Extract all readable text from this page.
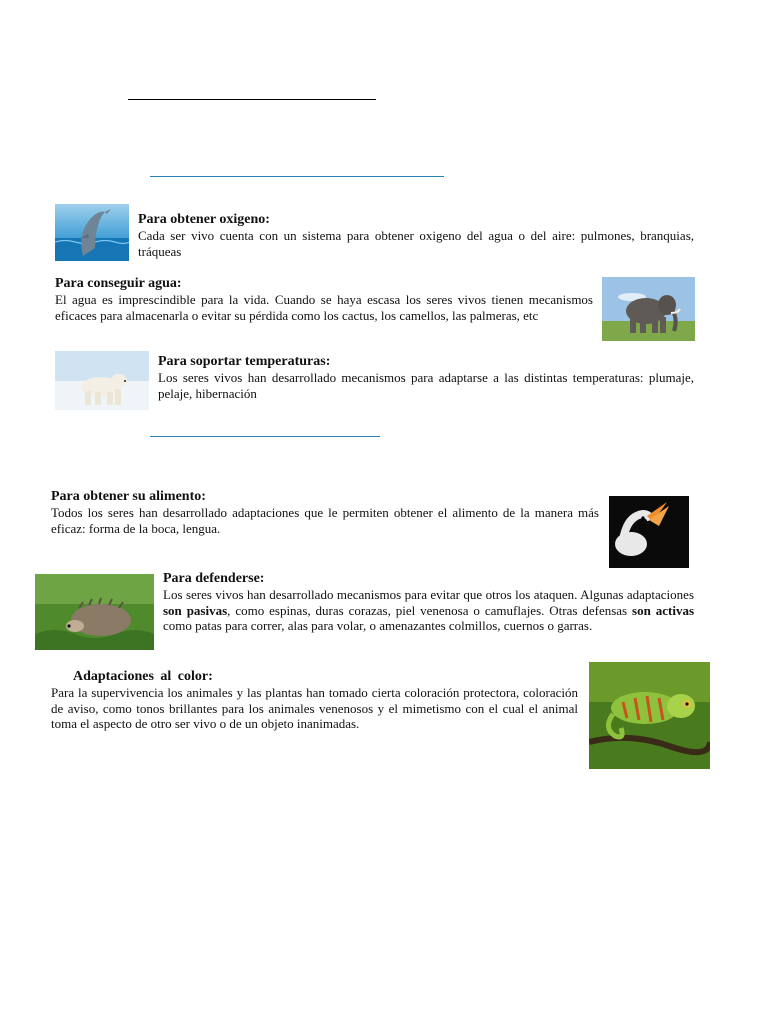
Para obtener oxigeno:

Cada ser vivo cuenta con un sistema para obtener oxigeno del agua o del aire: pulmones, branquias, tráqueas

Para conseguir agua:

El agua es imprescindible para la vida. Cuando se haya escasa los seres vivos tienen mecanismos eficaces para almacenarla o evitar su pérdida como los cactus, los camellos, las palmeras, etc

Para soportar temperaturas:

Los seres vivos han desarrollado mecanismos para adaptarse a las distintas temperaturas: plumaje, pelaje, hibernación

Para obtener su alimento:

Todos los seres han desarrollado adaptaciones que le permiten obtener el alimento de la manera más eficaz: forma de la boca, lengua.

Para defenderse:

Los seres vivos han desarrollado mecanismos para evitar que otros los ataquen. Algunas adaptaciones son pasivas, como espinas, duras corazas, piel venenosa o camuflajes. Otras defensas son activas como patas para correr, alas para volar, o amenazantes colmillos, cuernos o garras.

Adaptaciones al color:

Para la supervivencia los animales y las plantas han tomado cierta coloración protectora, coloración de aviso, como tonos brillantes para los animales venenosos y el mimetismo con el cual el animal toma el aspecto de otro ser vivo o de un objeto inanimadas.
